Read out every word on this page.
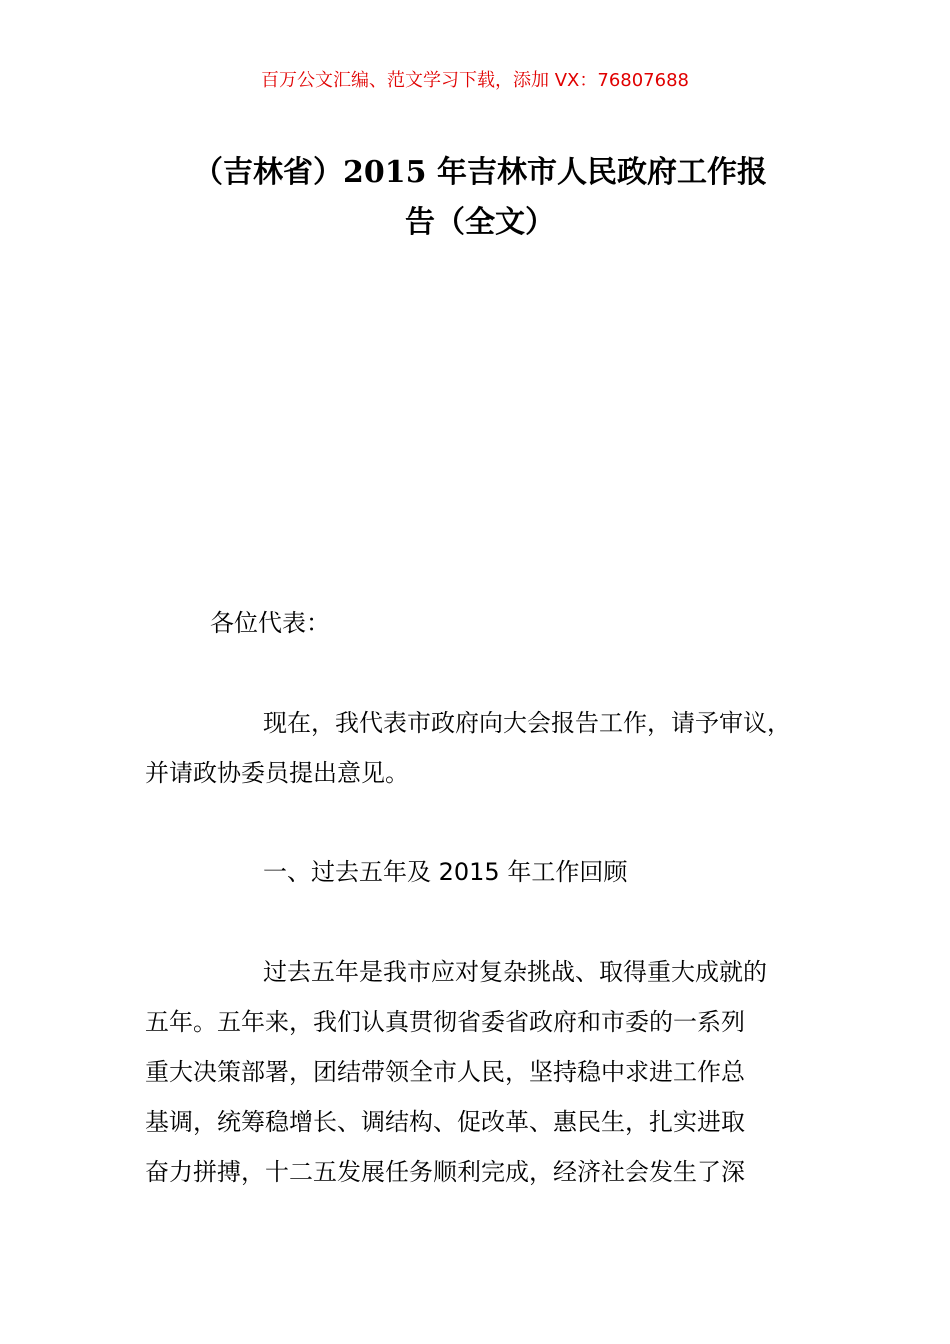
百万公文汇编、范文学习下载，添加 VX：76807688
（吉林省）2015 年吉林市人民政府工作报
告（全文）
各位代表：
现在，我代表市政府向大会报告工作，请予审议，
并请政协委员提出意见。
一、过去五年及 2015 年工作回顾
过去五年是我市应对复杂挑战、取得重大成就的
五年。五年来，我们认真贯彻省委省政府和市委的一系列
重大决策部署，团结带领全市人民，坚持稳中求进工作总
基调，统筹稳增长、调结构、促改革、惠民生，扎实进取
奋力拼搏，十二五发展任务顺利完成，经济社会发生了深
